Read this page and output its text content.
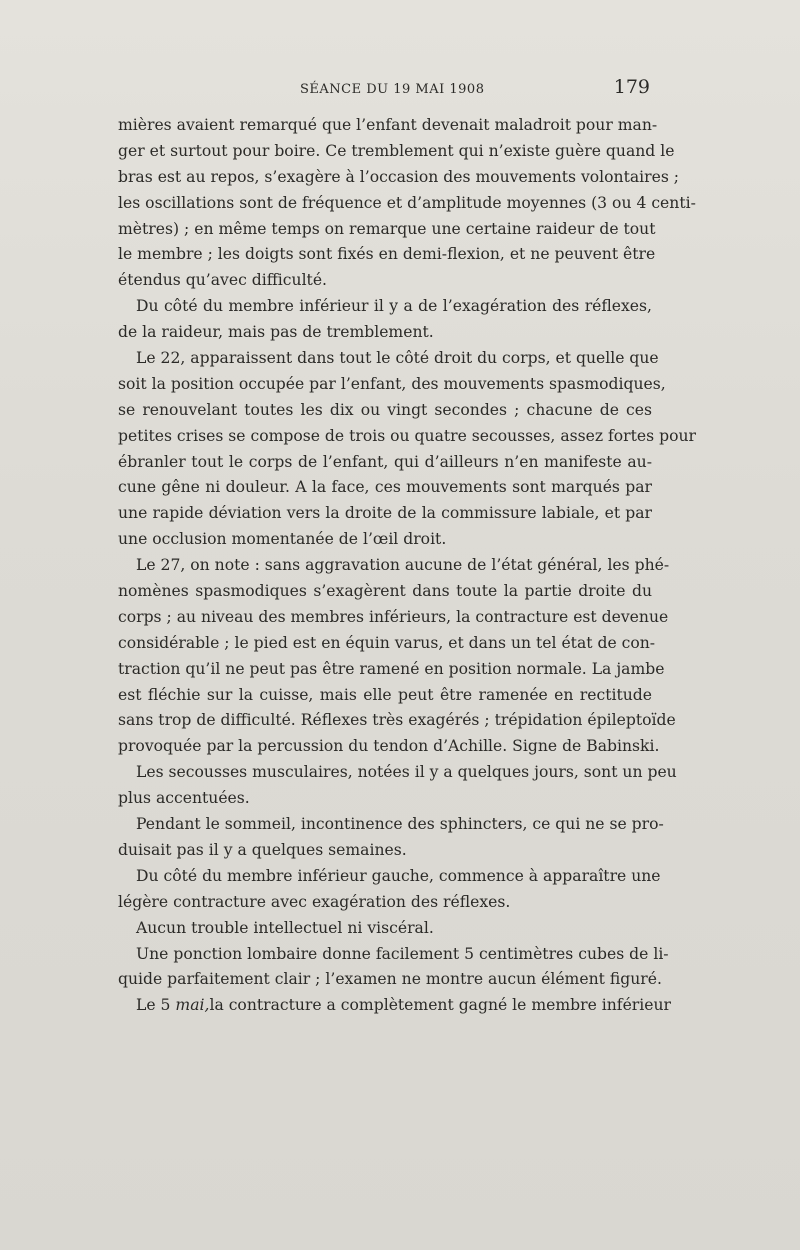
SÉANCE DU 19 MAI 1908	179
mières avaient remarqué que l’enfant devenait maladroit pour man-
ger et surtout pour boire. Ce tremblement qui n’existe guère quand le
bras est au repos, s’exagère à l’occasion des mouvements volontaires ;
les oscillations sont de fréquence et d’amplitude moyennes (3 ou 4 centi-
mètres) ; en même temps on remarque une certaine raideur de tout
le membre ; les doigts sont fixés en demi-flexion, et ne peuvent être
étendus qu’avec difficulté.
Du côté du membre inférieur il y a de l’exagération des réflexes,
de la raideur, mais pas de tremblement.
Le 22, apparaissent dans tout le côté droit du corps, et quelle que
soit la position occupée par l’enfant, des mouvements spasmodiques,
se renouvelant toutes les dix ou vingt secondes ; chacune de ces
petites crises se compose de trois ou quatre secousses, assez fortes pour
ébranler tout le corps de l’enfant, qui d’ailleurs n’en manifeste au-
cune gêne ni douleur. A la face, ces mouvements sont marqués par
une rapide déviation vers la droite de la commissure labiale, et par
une occlusion momentanée de l’œil droit.
Le 27, on note : sans aggravation aucune de l’état général, les phé-
nomènes spasmodiques s’exagèrent dans toute la partie droite du
corps ; au niveau des membres inférieurs, la contracture est devenue
considérable ; le pied est en équin varus, et dans un tel état de con-
traction qu’il ne peut pas être ramené en position normale. La jambe
est fléchie sur la cuisse, mais elle peut être ramenée en rectitude
sans trop de difficulté. Réflexes très exagérés ; trépidation épileptoïde
provoquée par la percussion du tendon d’Achille. Signe de Babinski.
Les secousses musculaires, notées il y a quelques jours, sont un peu
plus accentuées.
Pendant le sommeil, incontinence des sphincters, ce qui ne se pro-
duisait pas il y a quelques semaines.
Du côté du membre inférieur gauche, commence à apparaître une
légère contracture avec exagération des réflexes.
Aucun trouble intellectuel ni viscéral.
Une ponction lombaire donne facilement 5 centimètres cubes de li-
quide parfaitement clair ; l’examen ne montre aucun élément figuré.
Le 5 mai,la contracture a complètement gagné le membre inférieur
